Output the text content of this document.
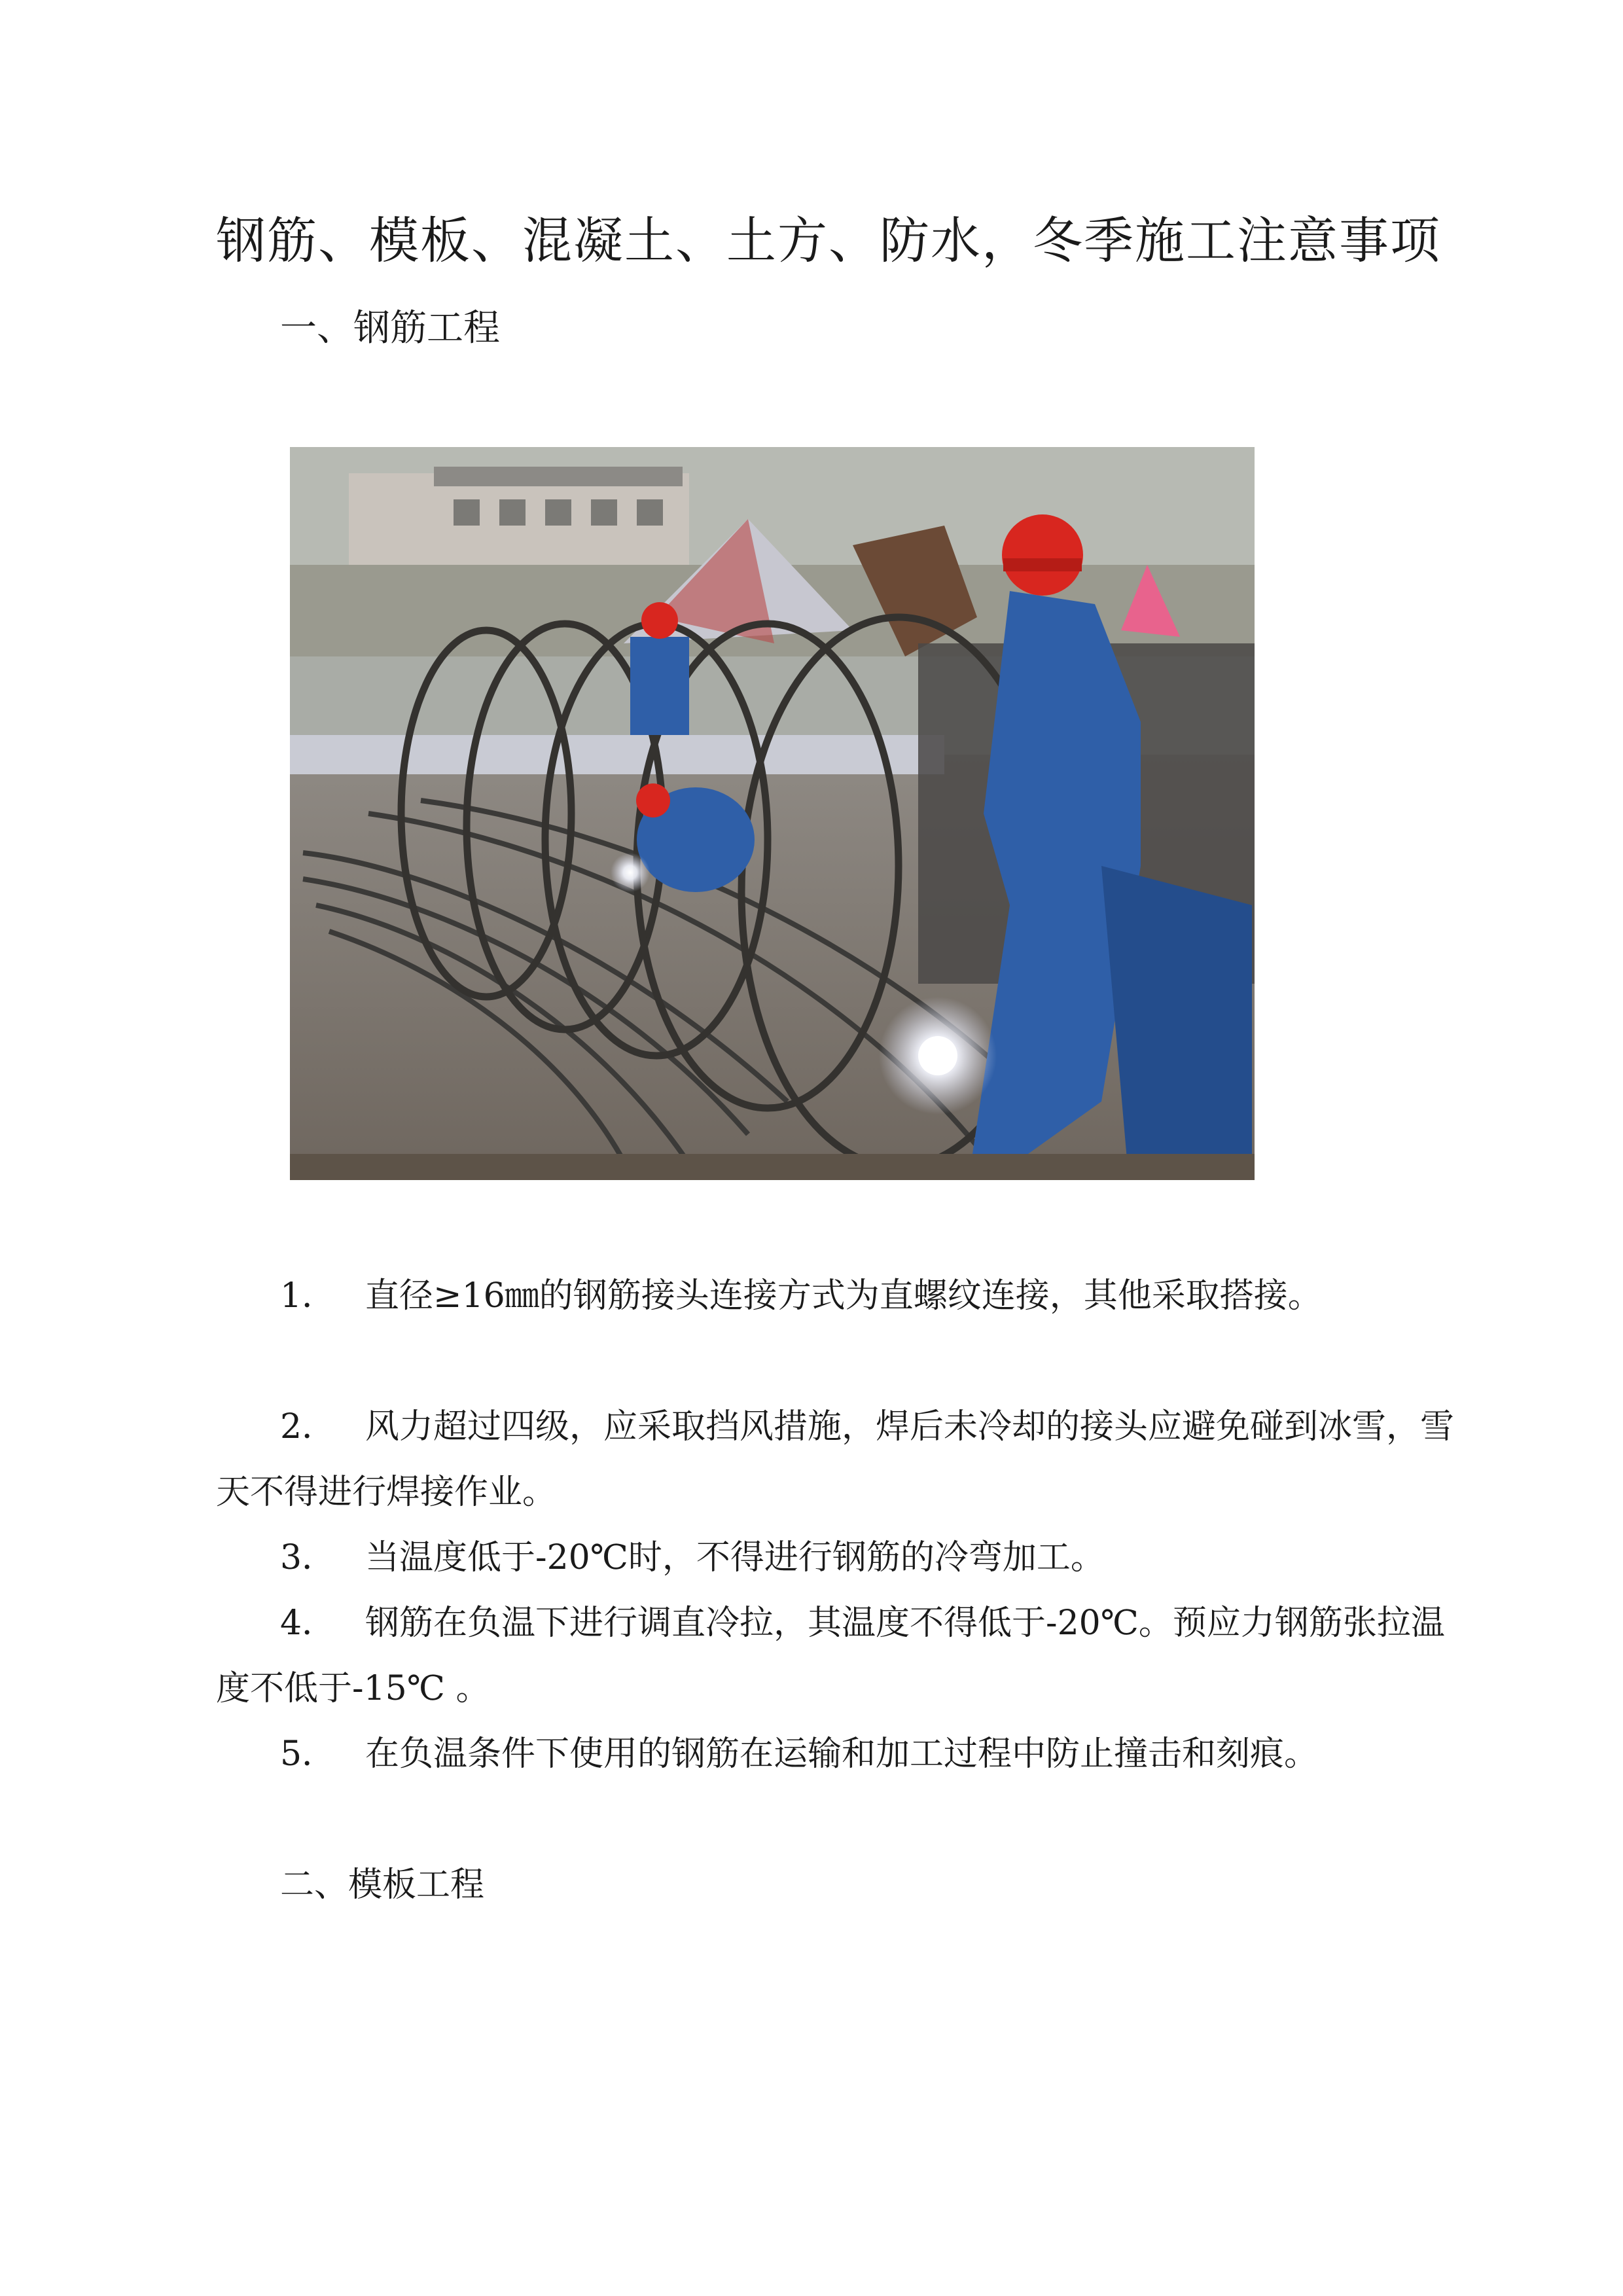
钢筋、模板、混凝土、土方、防水，冬季施工注意事项
一、钢筋工程

1． 直径≥16㎜的钢筋接头连接方式为直螺纹连接，其他采取搭接。

2． 风力超过四级，应采取挡风措施，焊后未冷却的接头应避免碰到冰雪，雪天不得进行焊接作业。

3． 当温度低于-20℃时，不得进行钢筋的冷弯加工。

4． 钢筋在负温下进行调直冷拉，其温度不得低于-20℃。预应力钢筋张拉温度不低于-15℃ 。

5． 在负温条件下使用的钢筋在运输和加工过程中防止撞击和刻痕。

二、模板工程
